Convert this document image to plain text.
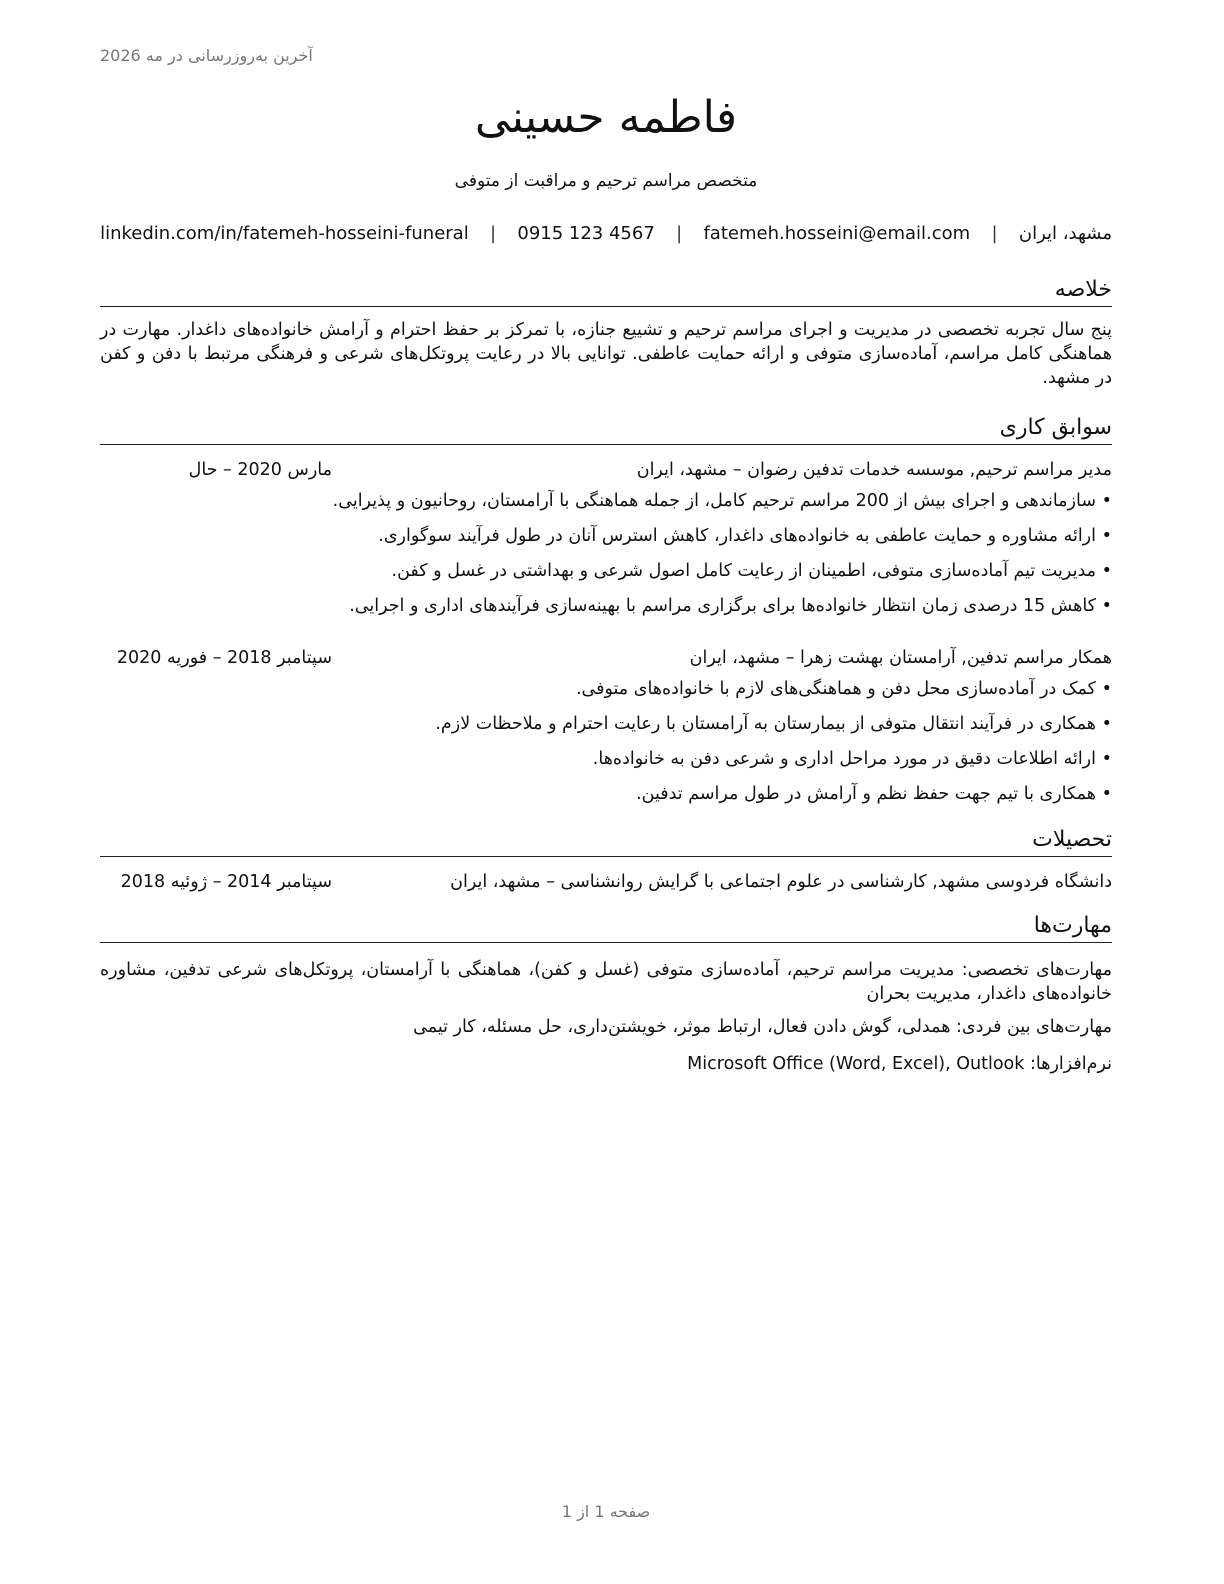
آخرین به‌روزرسانی در مه 2026
فاطمه حسینی
متخصص مراسم ترحیم و مراقبت از متوفی
مشهد، ایران
|
fatemeh.hosseini@email.com
|
0915 123 4567
|
linkedin.com/in/fatemeh-hosseini-funeral
خلاصه
پنج سال تجربه تخصصی در مدیریت و اجرای مراسم ترحیم و تشییع جنازه، با تمرکز بر حفظ احترام و آرامش خانواده‌های داغدار. مهارت در هماهنگی کامل مراسم، آماده‌سازی متوفی و ارائه حمایت عاطفی. توانایی بالا در رعایت پروتکل‌های شرعی و فرهنگی مرتبط با دفن و کفن در مشهد.
سوابق کاری
مدیر مراسم ترحیم, موسسه خدمات تدفین رضوان – مشهد، ایران
مارس 2020 – حال
•
سازماندهی و اجرای بیش از 200 مراسم ترحیم کامل، از جمله هماهنگی با آرامستان، روحانیون و پذیرایی.
•
ارائه مشاوره و حمایت عاطفی به خانواده‌های داغدار، کاهش استرس آنان در طول فرآیند سوگواری.
•
مدیریت تیم آماده‌سازی متوفی، اطمینان از رعایت کامل اصول شرعی و بهداشتی در غسل و کفن.
•
کاهش 15 درصدی زمان انتظار خانواده‌ها برای برگزاری مراسم با بهینه‌سازی فرآیندهای اداری و اجرایی.
همکار مراسم تدفین, آرامستان بهشت زهرا – مشهد، ایران
سپتامبر 2018 – فوریه 2020
•
کمک در آماده‌سازی محل دفن و هماهنگی‌های لازم با خانواده‌های متوفی.
•
همکاری در فرآیند انتقال متوفی از بیمارستان به آرامستان با رعایت احترام و ملاحظات لازم.
•
ارائه اطلاعات دقیق در مورد مراحل اداری و شرعی دفن به خانواده‌ها.
•
همکاری با تیم جهت حفظ نظم و آرامش در طول مراسم تدفین.
تحصیلات
دانشگاه فردوسی مشهد, کارشناسی در علوم اجتماعی با گرایش روانشناسی – مشهد، ایران
سپتامبر 2014 – ژوئیه 2018
مهارت‌ها
مهارت‌های تخصصی: مدیریت مراسم ترحیم، آماده‌سازی متوفی (غسل و کفن)، هماهنگی با آرامستان، پروتکل‌های شرعی تدفین، مشاوره خانواده‌های داغدار، مدیریت بحران
مهارت‌های بین فردی: همدلی، گوش دادن فعال، ارتباط موثر، خویشتن‌داری، حل مسئله، کار تیمی
نرم‌افزارها: Microsoft Office (Word, Excel), Outlook
صفحه 1 از 1
